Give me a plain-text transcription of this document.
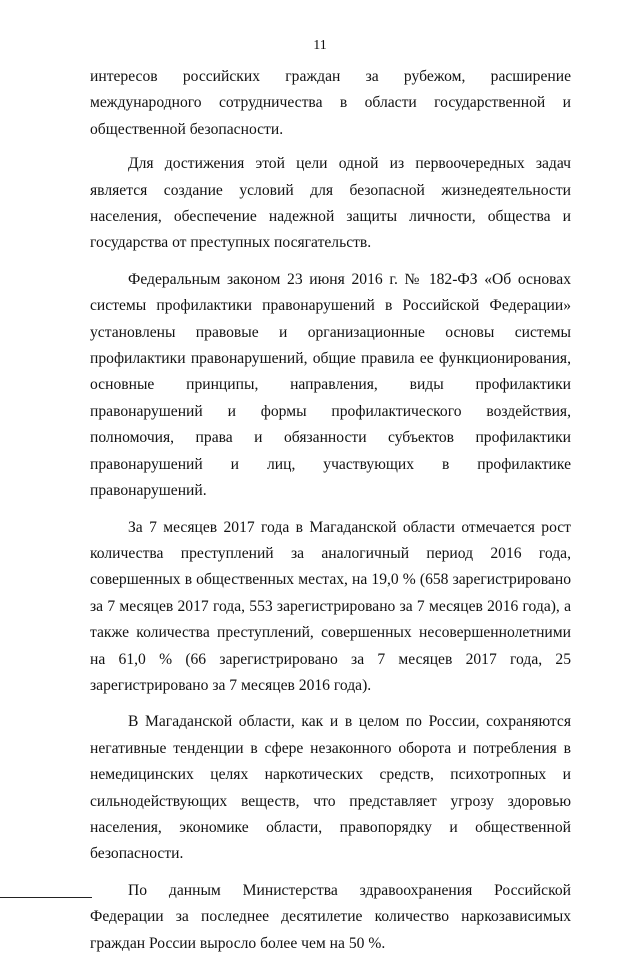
11

интересов российских граждан за рубежом, расширение международного сотрудничества в области государственной и общественной безопасности.

Для достижения этой цели одной из первоочередных задач является создание условий для безопасной жизнедеятельности населения, обеспечение надежной защиты личности, общества и государства от преступных посягательств.

Федеральным законом 23 июня 2016 г. № 182-ФЗ «Об основах системы профилактики правонарушений в Российской Федерации» установлены правовые и организационные основы системы профилактики правонарушений, общие правила ее функционирования, основные принципы, направления, виды профилактики правонарушений и формы профилактического воздействия, полномочия, права и обязанности субъектов профилактики правонарушений и лиц, участвующих в профилактике правонарушений.

За 7 месяцев 2017 года в Магаданской области отмечается рост количества преступлений за аналогичный период 2016 года, совершенных в общественных местах, на 19,0 % (658 зарегистрировано за 7 месяцев 2017 года, 553 зарегистрировано за 7 месяцев 2016 года), а также количества преступлений, совершенных несовершеннолетними на 61,0 % (66 зарегистрировано за 7 месяцев 2017 года, 25 зарегистрировано за 7 месяцев 2016 года).

В Магаданской области, как и в целом по России, сохраняются негативные тенденции в сфере незаконного оборота и потребления в немедицинских целях наркотических средств, психотропных и сильнодействующих веществ, что представляет угрозу здоровью населения, экономике области, правопорядку и общественной безопасности.

По данным Министерства здравоохранения Российской Федерации за последнее десятилетие количество наркозависимых граждан России выросло более чем на 50 %.
